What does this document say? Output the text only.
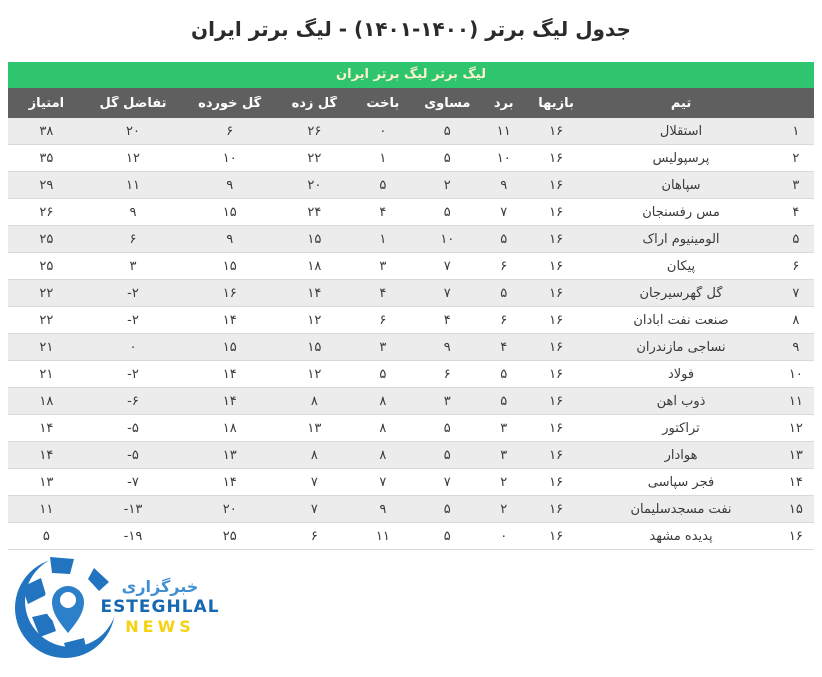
جدول لیگ برتر (۱۴۰۰-۱۴۰۱) - لیگ برتر ایران
لیگ برتر لیگ برتر ایران
تیم
بازیها
برد
مساوی
باخت
گل زده
گل خورده
تفاضل گل
امتیاز
۱
استقلال
۱۶
۱۱
۵
۰
۲۶
۶
۲۰
۳۸
۲
پرسپولیس
۱۶
۱۰
۵
۱
۲۲
۱۰
۱۲
۳۵
۳
سپاهان
۱۶
۹
۲
۵
۲۰
۹
۱۱
۲۹
۴
مس رفسنجان
۱۶
۷
۵
۴
۲۴
۱۵
۹
۲۶
۵
آلومینیوم اراک
۱۶
۵
۱۰
۱
۱۵
۹
۶
۲۵
۶
پیکان
۱۶
۶
۷
۳
۱۸
۱۵
۳
۲۵
۷
گل گهرسیرجان
۱۶
۵
۷
۴
۱۴
۱۶
-۲
۲۲
۸
صنعت نفت آبادان
۱۶
۶
۴
۶
۱۲
۱۴
-۲
۲۲
۹
نساجی مازندران
۱۶
۴
۹
۳
۱۵
۱۵
۰
۲۱
۱۰
فولاد
۱۶
۵
۶
۵
۱۲
۱۴
-۲
۲۱
۱۱
ذوب آهن
۱۶
۵
۳
۸
۸
۱۴
-۶
۱۸
۱۲
تراکتور
۱۶
۳
۵
۸
۱۳
۱۸
-۵
۱۴
۱۳
هوادار
۱۶
۳
۵
۸
۸
۱۳
-۵
۱۴
۱۴
فجر سپاسی
۱۶
۲
۷
۷
۷
۱۴
-۷
۱۳
۱۵
نفت مسجدسلیمان
۱۶
۲
۵
۹
۷
۲۰
-۱۳
۱۱
۱۶
پدیده مشهد
۱۶
۰
۵
۱۱
۶
۲۵
-۱۹
۵
خبرگزاری
ESTEGHLAL
NEWS
